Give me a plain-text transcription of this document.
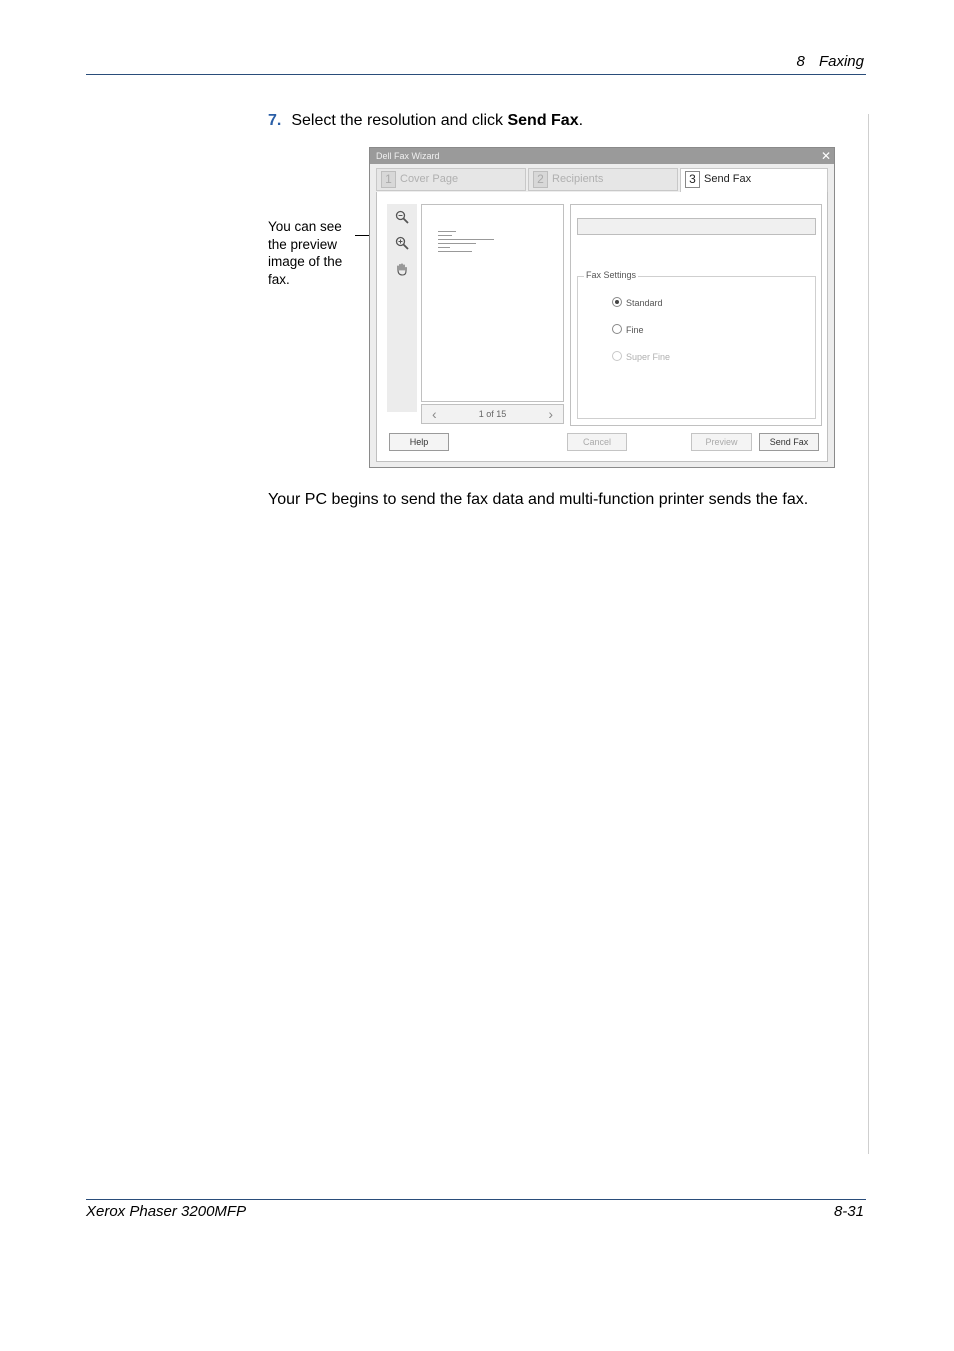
8 Faxing
7. Select the resolution and click Send Fax.
You can see the preview image of the fax.
Dell Fax Wizard	✕
1 Cover Page	2 Recipients	3 Send Fax
‹	1 of 15	›
Fax Settings
Standard
Fine
Super Fine
Help	Cancel	Preview	Send Fax
Your PC begins to send the fax data and multi-function printer sends the fax.
Xerox Phaser 3200MFP	8-31
